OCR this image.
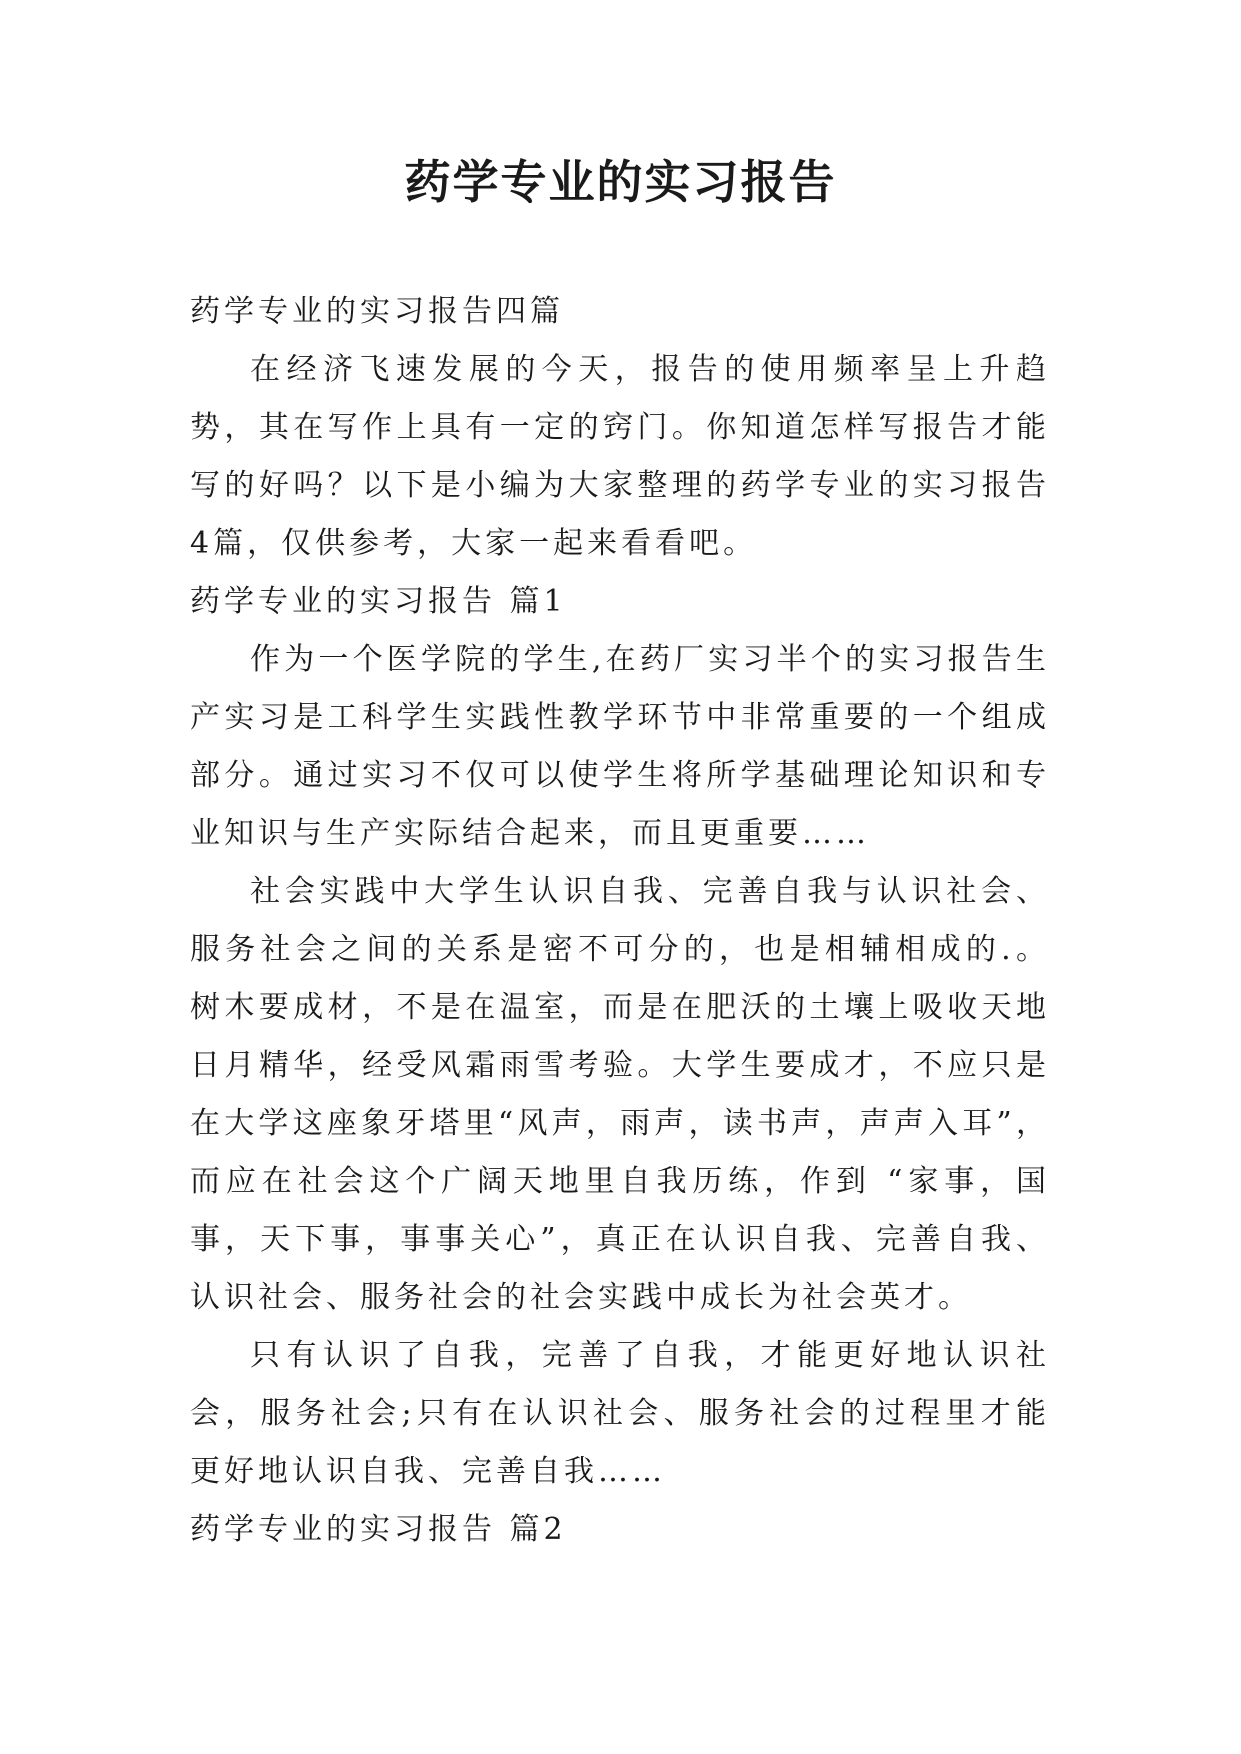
药学专业的实习报告

药学专业的实习报告四篇

在经济飞速发展的今天，报告的使用频率呈上升趋势，其在写作上具有一定的窍门。你知道怎样写报告才能写的好吗？以下是小编为大家整理的药学专业的实习报告4篇，仅供参考，大家一起来看看吧。

药学专业的实习报告 篇1

作为一个医学院的学生,在药厂实习半个的实习报告生产实习是工科学生实践性教学环节中非常重要的一个组成部分。通过实习不仅可以使学生将所学基础理论知识和专业知识与生产实际结合起来，而且更重要……

社会实践中大学生认识自我、完善自我与认识社会、服务社会之间的关系是密不可分的，也是相辅相成的.。树木要成材，不是在温室，而是在肥沃的土壤上吸收天地日月精华，经受风霜雨雪考验。大学生要成才，不应只是在大学这座象牙塔里“风声，雨声，读书声，声声入耳”，而应在社会这个广阔天地里自我历练，作到 “家事，国事，天下事，事事关心”，真正在认识自我、完善自我、认识社会、服务社会的社会实践中成长为社会英才。

只有认识了自我，完善了自我，才能更好地认识社会，服务社会;只有在认识社会、服务社会的过程里才能更好地认识自我、完善自我……

药学专业的实习报告 篇2
